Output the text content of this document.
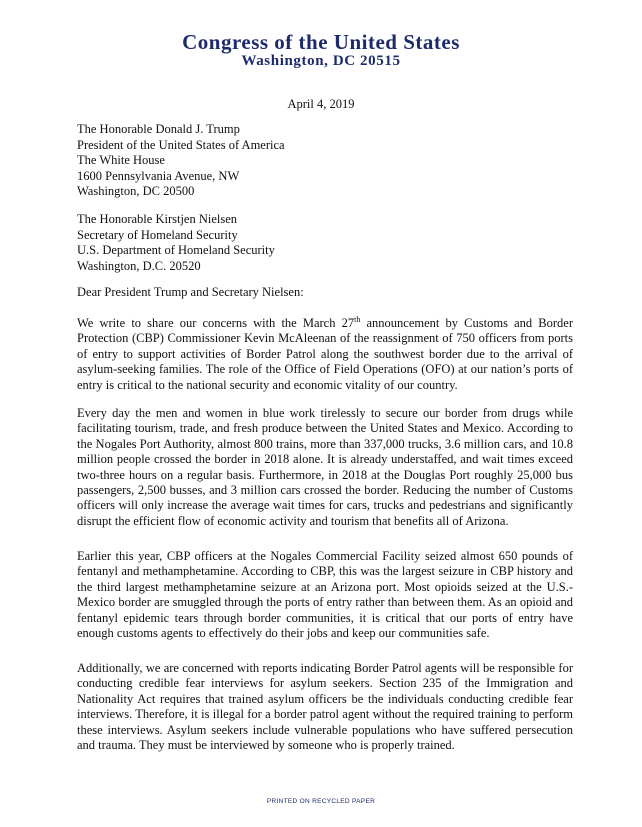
Congress of the United States
Washington, DC 20515
April 4, 2019
The Honorable Donald J. Trump
President of the United States of America
The White House
1600 Pennsylvania Avenue, NW
Washington, DC 20500
The Honorable Kirstjen Nielsen
Secretary of Homeland Security
U.S. Department of Homeland Security
Washington, D.C. 20520
Dear President Trump and Secretary Nielsen:

We write to share our concerns with the March 27th announcement by Customs and Border Protection (CBP) Commissioner Kevin McAleenan of the reassignment of 750 officers from ports of entry to support activities of Border Patrol along the southwest border due to the arrival of asylum-seeking families. The role of the Office of Field Operations (OFO) at our nation’s ports of entry is critical to the national security and economic vitality of our country.

Every day the men and women in blue work tirelessly to secure our border from drugs while facilitating tourism, trade, and fresh produce between the United States and Mexico. According to the Nogales Port Authority, almost 800 trains, more than 337,000 trucks, 3.6 million cars, and 10.8 million people crossed the border in 2018 alone. It is already understaffed, and wait times exceed two-three hours on a regular basis. Furthermore, in 2018 at the Douglas Port roughly 25,000 bus passengers, 2,500 busses, and 3 million cars crossed the border. Reducing the number of Customs officers will only increase the average wait times for cars, trucks and pedestrians and significantly disrupt the efficient flow of economic activity and tourism that benefits all of Arizona.

Earlier this year, CBP officers at the Nogales Commercial Facility seized almost 650 pounds of fentanyl and methamphetamine. According to CBP, this was the largest seizure in CBP history and the third largest methamphetamine seizure at an Arizona port. Most opioids seized at the U.S.-Mexico border are smuggled through the ports of entry rather than between them. As an opioid and fentanyl epidemic tears through border communities, it is critical that our ports of entry have enough customs agents to effectively do their jobs and keep our communities safe.

Additionally, we are concerned with reports indicating Border Patrol agents will be responsible for conducting credible fear interviews for asylum seekers. Section 235 of the Immigration and Nationality Act requires that trained asylum officers be the individuals conducting credible fear interviews. Therefore, it is illegal for a border patrol agent without the required training to perform these interviews. Asylum seekers include vulnerable populations who have suffered persecution and trauma. They must be interviewed by someone who is properly trained.

PRINTED ON RECYCLED PAPER
